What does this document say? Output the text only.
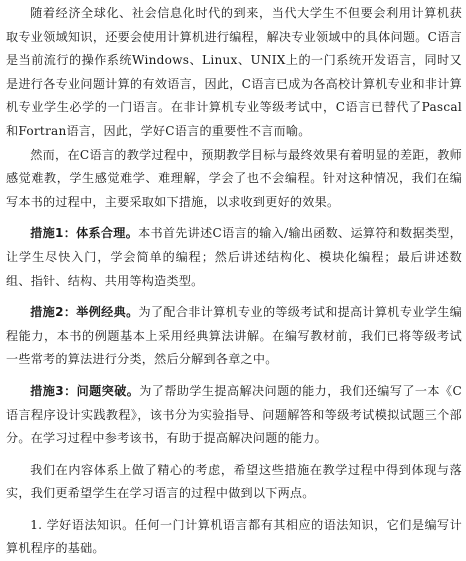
随着经济全球化、社会信息化时代的到来，当代大学生不但要会利用计算机获取专业领域知识，还要会使用计算机进行编程，解决专业领域中的具体问题。C语言是当前流行的操作系统Windows、Linux、UNIX上的一门系统开发语言，同时又是进行各专业问题计算的有效语言，因此，C语言已成为各高校计算机专业和非计算机专业学生必学的一门语言。在非计算机专业等级考试中，C语言已替代了Pascal和Fortran语言，因此，学好C语言的重要性不言而喻。

然而，在C语言的教学过程中，预期教学目标与最终效果有着明显的差距，教师感觉难教，学生感觉难学、难理解，学会了也不会编程。针对这种情况，我们在编写本书的过程中，主要采取如下措施，以求收到更好的效果。

措施1：体系合理。本书首先讲述C语言的输入/输出函数、运算符和数据类型，让学生尽快入门，学会简单的编程；然后讲述结构化、模块化编程；最后讲述数组、指针、结构、共用等构造类型。

措施2：举例经典。为了配合非计算机专业的等级考试和提高计算机专业学生编程能力，本书的例题基本上采用经典算法讲解。在编写教材前，我们已将等级考试一些常考的算法进行分类，然后分解到各章之中。

措施3：问题突破。为了帮助学生提高解决问题的能力，我们还编写了一本《C语言程序设计实践教程》，该书分为实验指导、问题解答和等级考试模拟试题三个部分。在学习过程中参考该书，有助于提高解决问题的能力。

我们在内容体系上做了精心的考虑，希望这些措施在教学过程中得到体现与落实，我们更希望学生在学习语言的过程中做到以下两点。

1. 学好语法知识。任何一门计算机语言都有其相应的语法知识，它们是编写计算机程序的基础。
